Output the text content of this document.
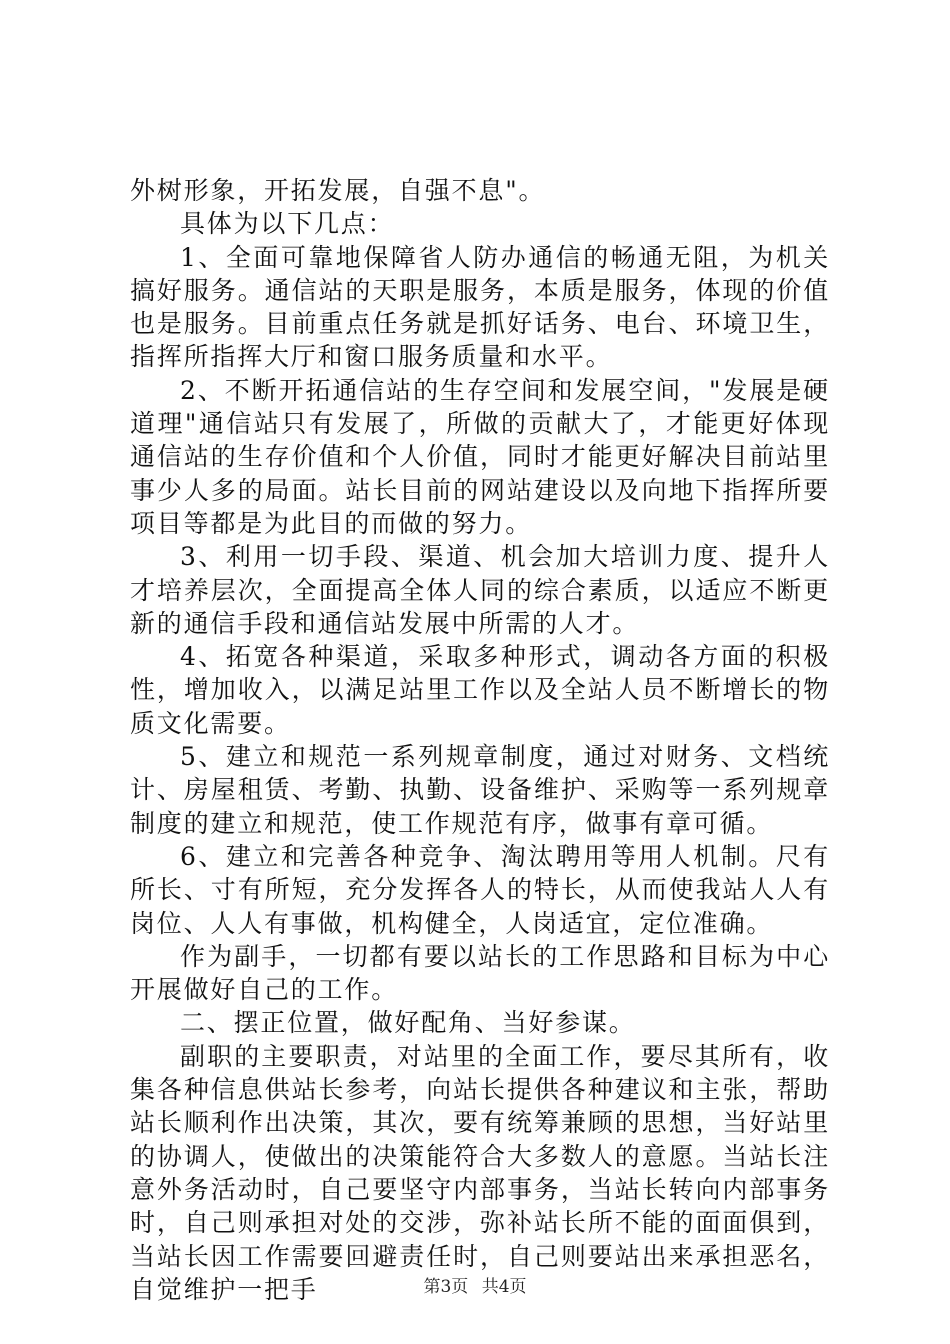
外树形象，开拓发展，自强不息"。

具体为以下几点：

1、全面可靠地保障省人防办通信的畅通无阻，为机关搞好服务。通信站的天职是服务，本质是服务，体现的价值也是服务。目前重点任务就是抓好话务、电台、环境卫生，指挥所指挥大厅和窗口服务质量和水平。

2、不断开拓通信站的生存空间和发展空间，"发展是硬道理"通信站只有发展了，所做的贡献大了，才能更好体现通信站的生存价值和个人价值，同时才能更好解决目前站里事少人多的局面。站长目前的网站建设以及向地下指挥所要项目等都是为此目的而做的努力。

3、利用一切手段、渠道、机会加大培训力度、提升人才培养层次，全面提高全体人同的综合素质，以适应不断更新的通信手段和通信站发展中所需的人才。

4、拓宽各种渠道，采取多种形式，调动各方面的积极性，增加收入，以满足站里工作以及全站人员不断增长的物质文化需要。

5、建立和规范一系列规章制度，通过对财务、文档统计、房屋租赁、考勤、执勤、设备维护、采购等一系列规章制度的建立和规范，使工作规范有序，做事有章可循。

6、建立和完善各种竞争、淘汰聘用等用人机制。尺有所长、寸有所短，充分发挥各人的特长，从而使我站人人有岗位、人人有事做，机构健全，人岗适宜，定位准确。

作为副手，一切都有要以站长的工作思路和目标为中心开展做好自己的工作。

二、摆正位置，做好配角、当好参谋。

副职的主要职责，对站里的全面工作，要尽其所有，收集各种信息供站长参考，向站长提供各种建议和主张，帮助站长顺利作出决策，其次，要有统筹兼顾的思想，当好站里的协调人，使做出的决策能符合大多数人的意愿。当站长注意外务活动时，自己要坚守内部事务，当站长转向内部事务时，自己则承担对处的交涉，弥补站长所不能的面面俱到，当站长因工作需要回避责任时，自己则要站出来承担恶名，自觉维护一把手	第3页 共4页
